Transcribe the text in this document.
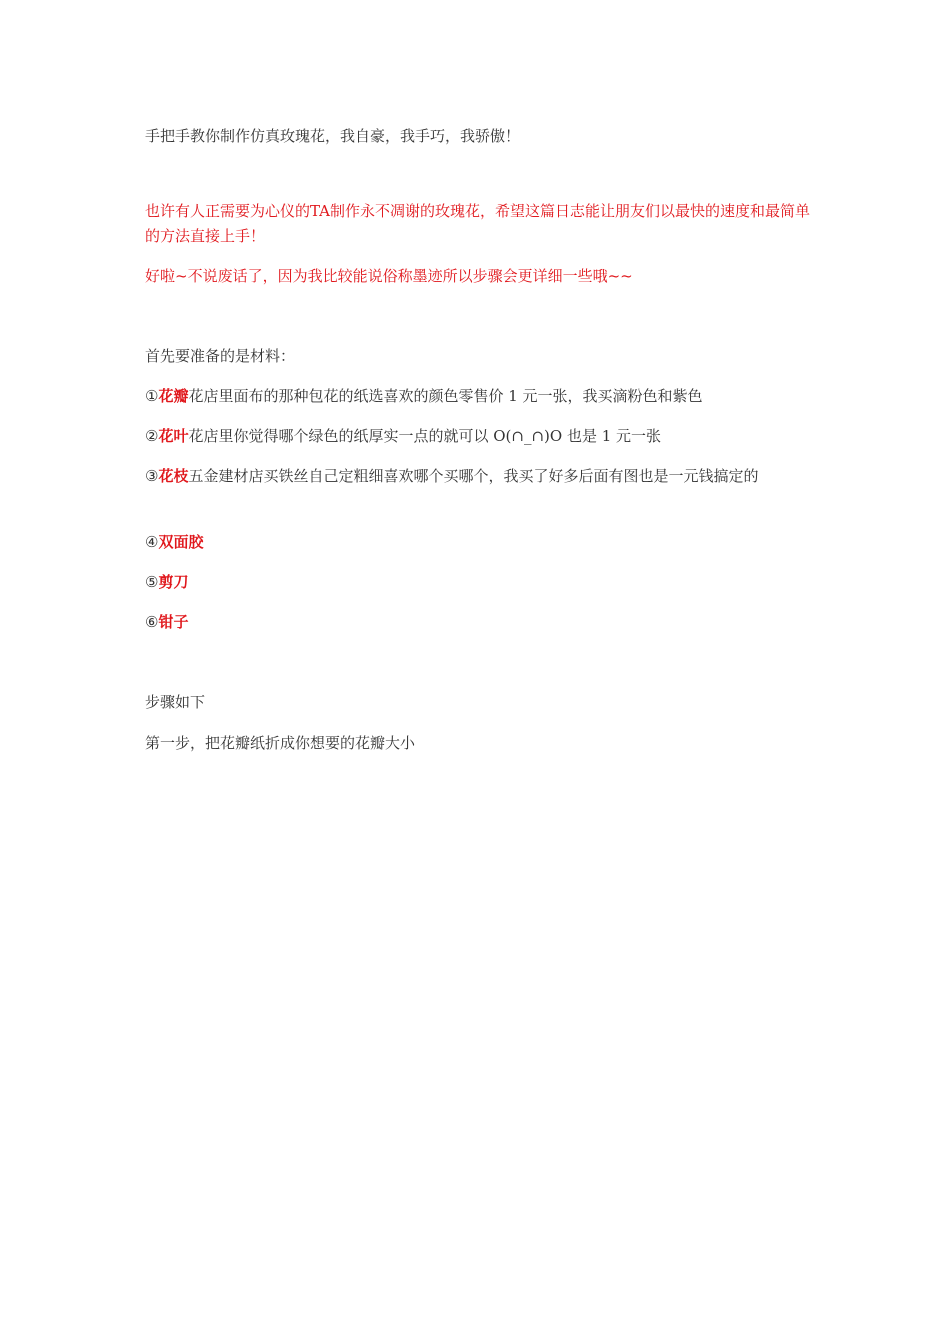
手把手教你制作仿真玫瑰花，我自豪，我手巧，我骄傲！
也许有人正需要为心仪的TA制作永不凋谢的玫瑰花，希望这篇日志能让朋友们以最快的速度和最简单的方法直接上手！
好啦~不说废话了，因为我比较能说俗称墨迹所以步骤会更详细一些哦~~
首先要准备的是材料：
①花瓣花店里面布的那种包花的纸选喜欢的颜色零售价 1 元一张，我买滴粉色和紫色
②花叶花店里你觉得哪个绿色的纸厚实一点的就可以 O(∩_∩)O 也是 1 元一张
③花枝五金建材店买铁丝自己定粗细喜欢哪个买哪个，我买了好多后面有图也是一元钱搞定的
④双面胶
⑤剪刀
⑥钳子
步骤如下
第一步，把花瓣纸折成你想要的花瓣大小
